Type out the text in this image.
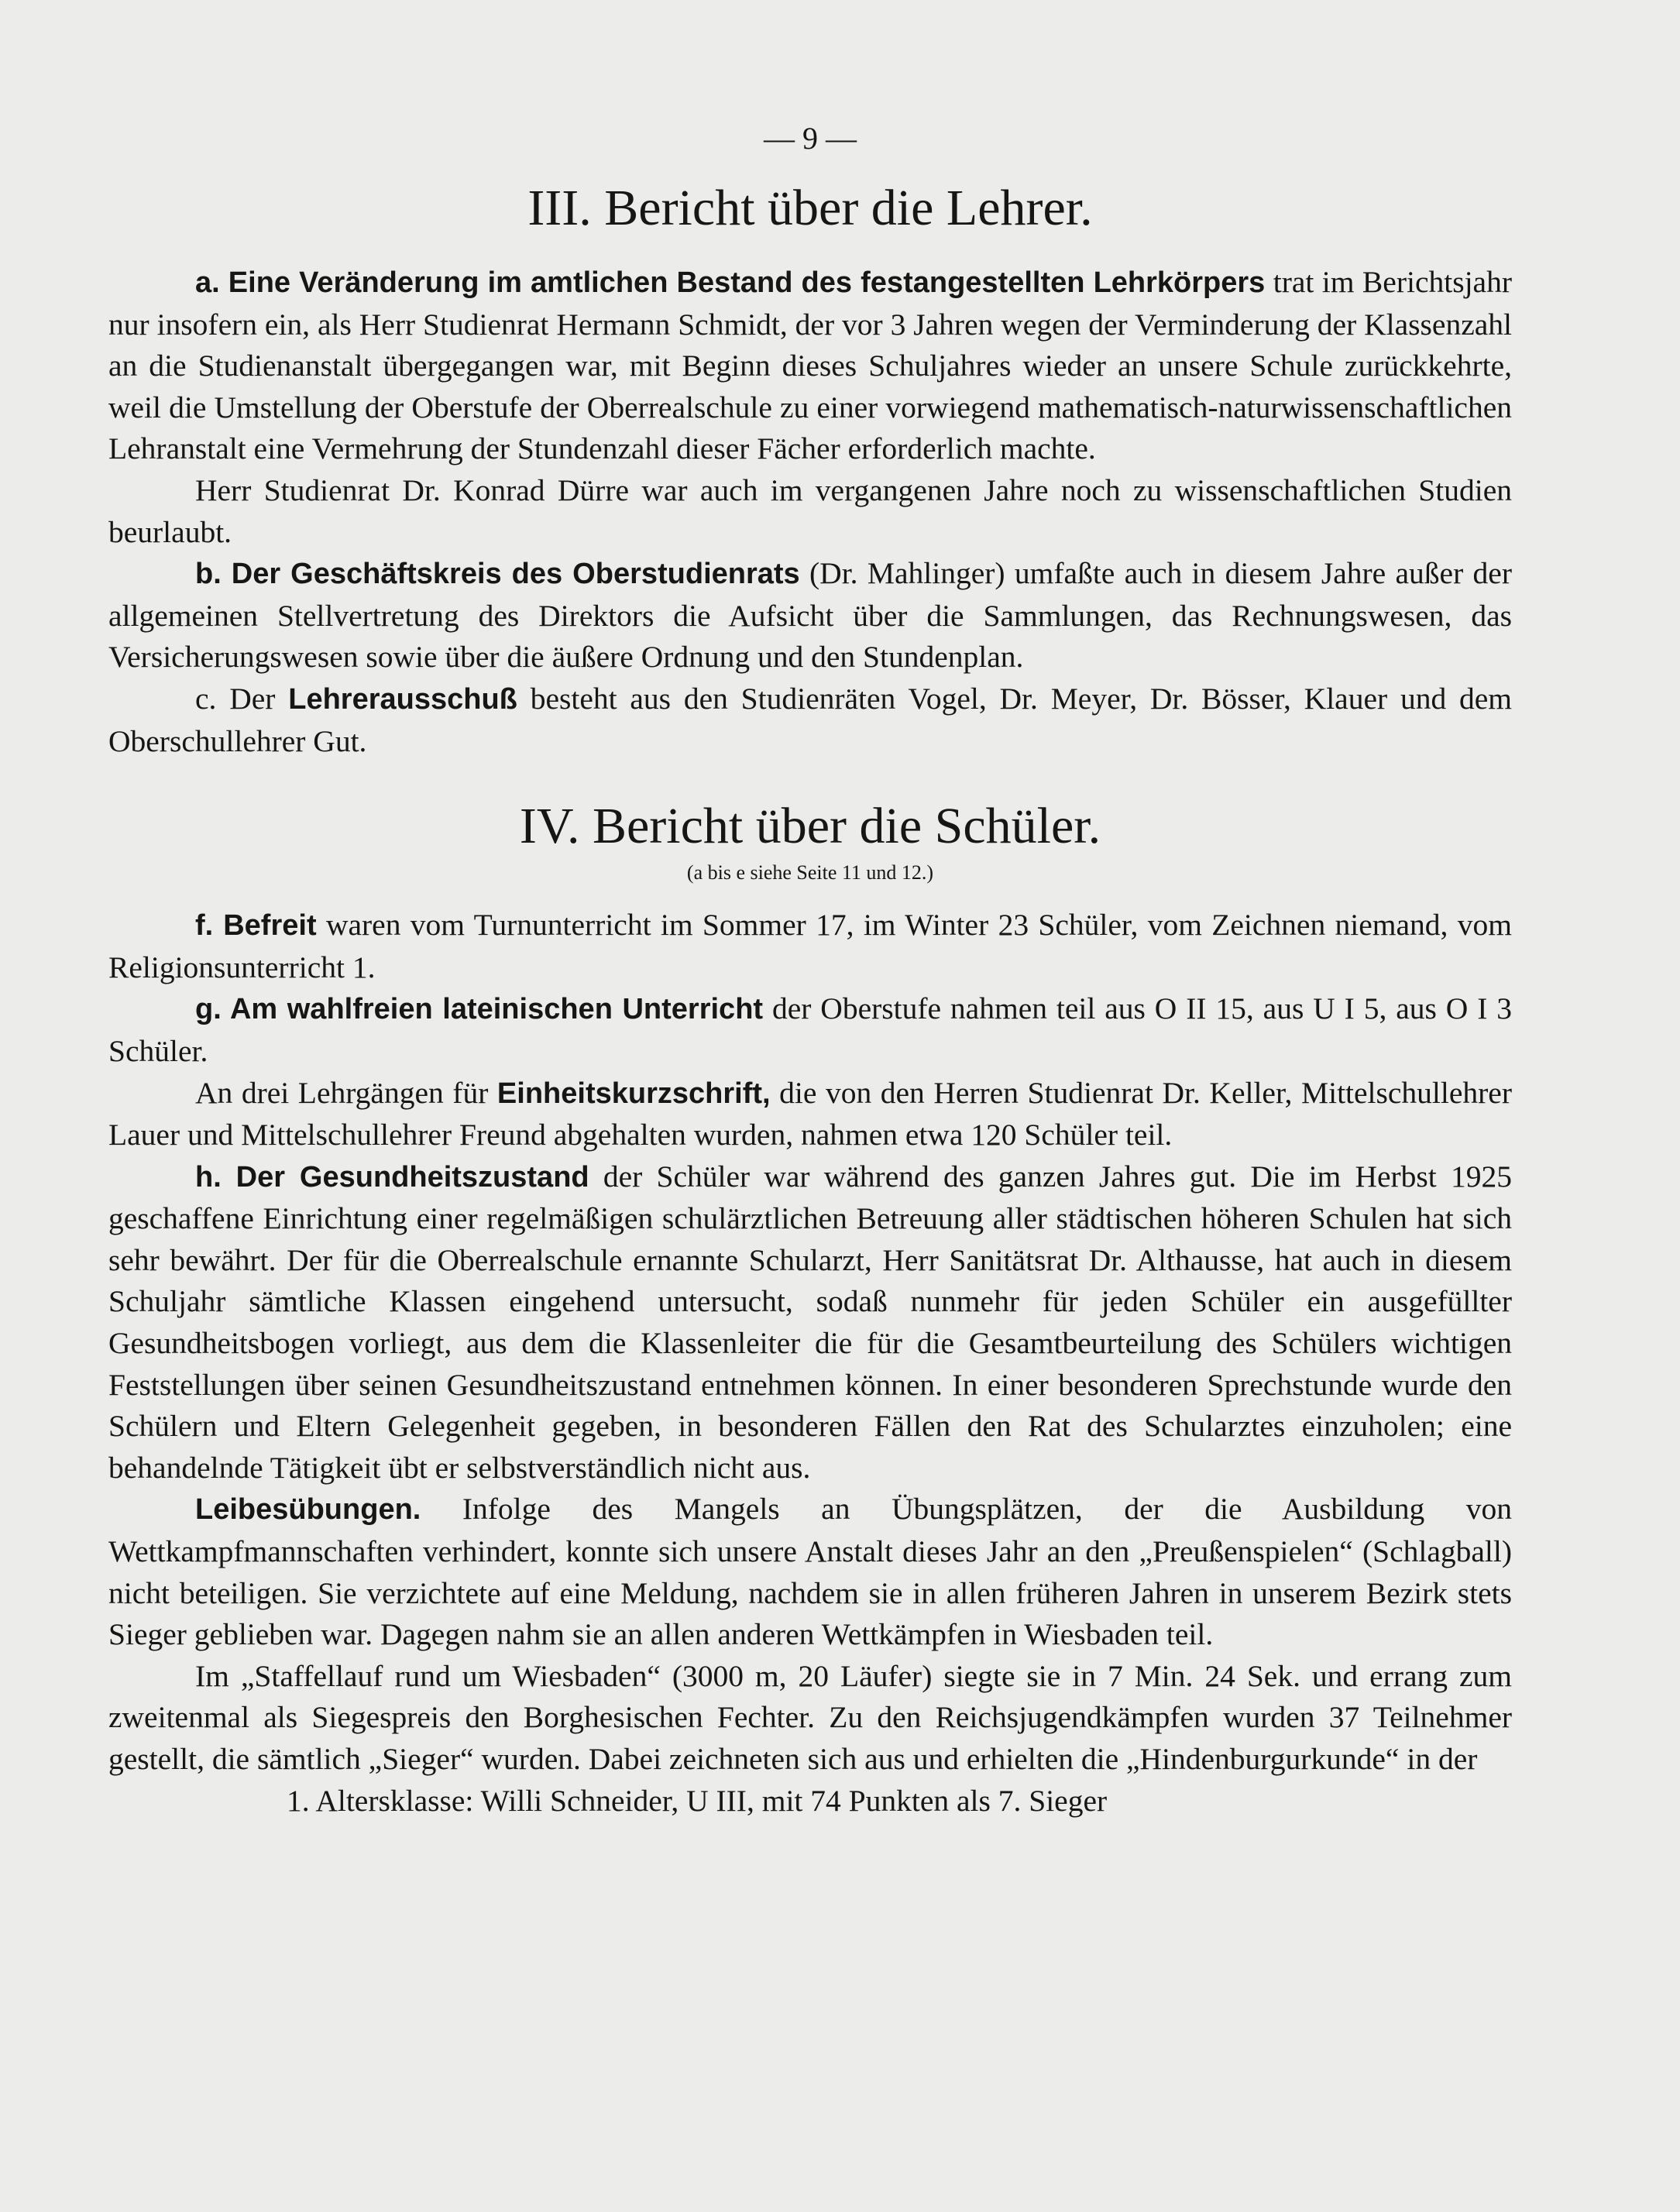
— 9 —
III. Bericht über die Lehrer.

a. Eine Veränderung im amtlichen Bestand des festangestellten Lehrkörpers trat im Berichtsjahr nur insofern ein, als Herr Studienrat Hermann Schmidt, der vor 3 Jahren wegen der Verminderung der Klassenzahl an die Studienanstalt übergegangen war, mit Beginn dieses Schuljahres wieder an unsere Schule zurückkehrte, weil die Umstellung der Oberstufe der Oberrealschule zu einer vorwiegend mathematisch-naturwissenschaftlichen Lehranstalt eine Vermehrung der Stundenzahl dieser Fächer erforderlich machte.

Herr Studienrat Dr. Konrad Dürre war auch im vergangenen Jahre noch zu wissenschaftlichen Studien beurlaubt.

b. Der Geschäftskreis des Oberstudienrats (Dr. Mahlinger) umfaßte auch in diesem Jahre außer der allgemeinen Stellvertretung des Direktors die Aufsicht über die Sammlungen, das Rechnungswesen, das Versicherungswesen sowie über die äußere Ordnung und den Stundenplan.

c. Der Lehrerausschuß besteht aus den Studienräten Vogel, Dr. Meyer, Dr. Bösser, Klauer und dem Oberschullehrer Gut.

IV. Bericht über die Schüler.
(a bis e siehe Seite 11 und 12.)

f. Befreit waren vom Turnunterricht im Sommer 17, im Winter 23 Schüler, vom Zeichnen niemand, vom Religionsunterricht 1.

g. Am wahlfreien lateinischen Unterricht der Oberstufe nahmen teil aus O II 15, aus U I 5, aus O I 3 Schüler.

An drei Lehrgängen für Einheitskurzschrift, die von den Herren Studienrat Dr. Keller, Mittelschullehrer Lauer und Mittelschullehrer Freund abgehalten wurden, nahmen etwa 120 Schüler teil.

h. Der Gesundheitszustand der Schüler war während des ganzen Jahres gut. Die im Herbst 1925 geschaffene Einrichtung einer regelmäßigen schulärztlichen Betreuung aller städtischen höheren Schulen hat sich sehr bewährt. Der für die Oberrealschule ernannte Schularzt, Herr Sanitätsrat Dr. Althausse, hat auch in diesem Schuljahr sämtliche Klassen eingehend untersucht, sodaß nunmehr für jeden Schüler ein ausgefüllter Gesundheitsbogen vorliegt, aus dem die Klassenleiter die für die Gesamtbeurteilung des Schülers wichtigen Feststellungen über seinen Gesundheitszustand entnehmen können. In einer besonderen Sprechstunde wurde den Schülern und Eltern Gelegenheit gegeben, in besonderen Fällen den Rat des Schularztes einzuholen; eine behandelnde Tätigkeit übt er selbstverständlich nicht aus.

Leibesübungen. Infolge des Mangels an Übungsplätzen, der die Ausbildung von Wettkampfmannschaften verhindert, konnte sich unsere Anstalt dieses Jahr an den „Preußenspielen“ (Schlagball) nicht beteiligen. Sie verzichtete auf eine Meldung, nachdem sie in allen früheren Jahren in unserem Bezirk stets Sieger geblieben war. Dagegen nahm sie an allen anderen Wettkämpfen in Wiesbaden teil.

Im „Staffellauf rund um Wiesbaden“ (3000 m, 20 Läufer) siegte sie in 7 Min. 24 Sek. und errang zum zweitenmal als Siegespreis den Borghesischen Fechter. Zu den Reichsjugendkämpfen wurden 37 Teilnehmer gestellt, die sämtlich „Sieger“ wurden. Dabei zeichneten sich aus und erhielten die „Hindenburgurkunde“ in der

1. Altersklasse: Willi Schneider, U III, mit 74 Punkten als 7. Sieger
